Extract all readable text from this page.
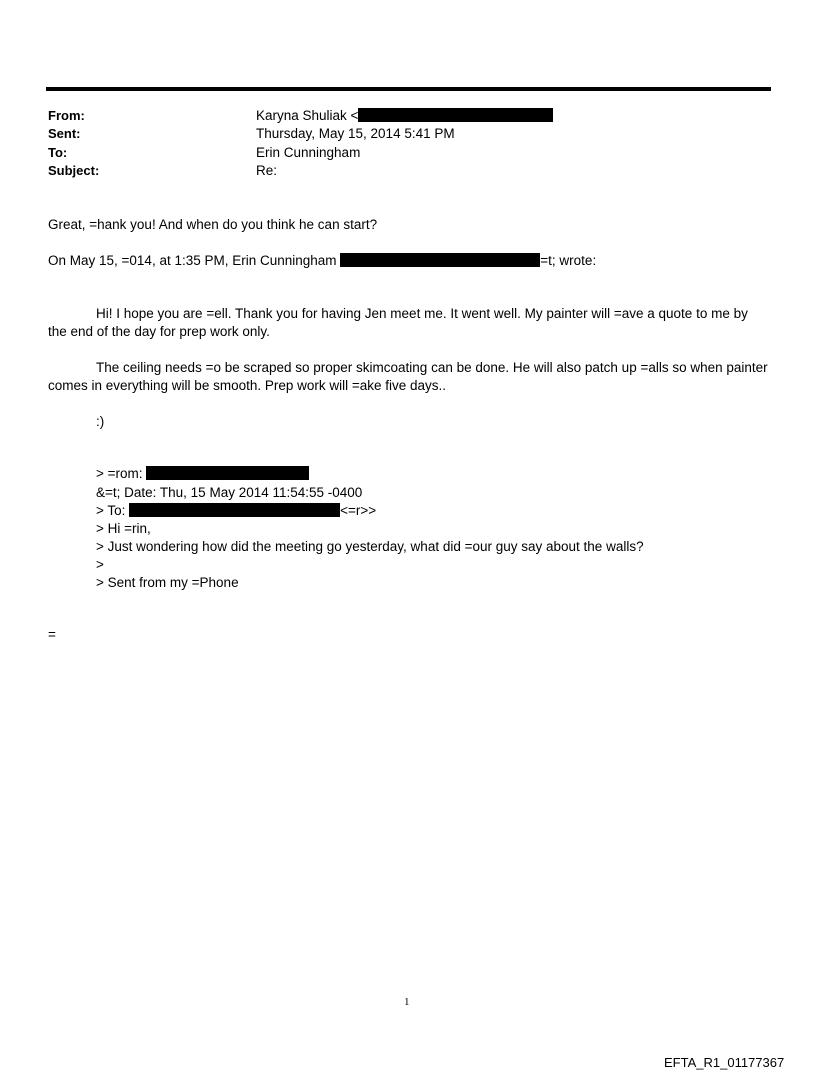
From:	Karyna Shuliak <
Sent:	Thursday, May 15, 2014 5:41 PM
To:	Erin Cunningham
Subject:	Re:
Great, =hank you! And when do you think he can start?
On May 15, =014, at 1:35 PM, Erin Cunningham	=t; wrote:
Hi! I hope you are =ell. Thank you for having Jen meet me. It went well. My painter will =ave a quote to me by
the end of the day for prep work only.
The ceiling needs =o be scraped so proper skimcoating can be done. He will also patch up =alls so when painter
comes in everything will be smooth. Prep work will =ake five days..
:)
> =rom:
&=t; Date: Thu, 15 May 2014 11:54:55 -0400
> To:	<=r>>
> Hi =rin,
> Just wondering how did the meeting go yesterday, what did =our guy say about the walls?
>
> Sent from my =Phone
=
1
EFTA_R1_01177367
